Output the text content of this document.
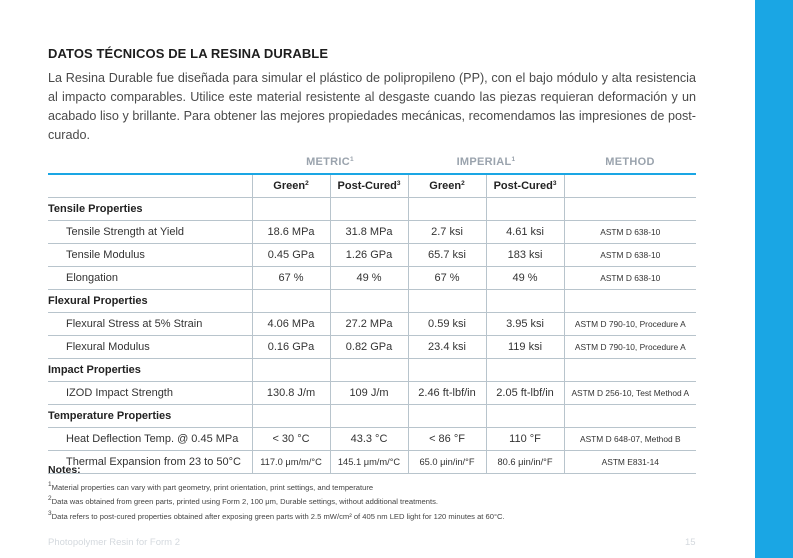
DATOS TÉCNICOS DE LA RESINA DURABLE

La Resina Durable fue diseñada para simular el plástico de polipropileno (PP), con el bajo módulo y alta resistencia al impacto comparables. Utilice este material resistente al desgaste cuando las piezas requieran deformación y un acabado liso y brillante. Para obtener las mejores propiedades mecánicas, recomendamos las impresiones de post-curado.

	METRIC$^1$		IMPERIAL$^1$		METHOD
	Green$^2$	Post-Cured$^3$	Green$^2$	Post-Cured$^3$	
Tensile Properties					
Tensile Strength at Yield	18.6 MPa	31.8 MPa	2.7 ksi	4.61 ksi	ASTM D 638-10
Tensile Modulus	0.45 GPa	1.26 GPa	65.7 ksi	183 ksi	ASTM D 638-10
Elongation	67 %	49 %	67 %	49 %	ASTM D 638-10
Flexural Properties					
Flexural Stress at 5% Strain	4.06 MPa	27.2 MPa	0.59 ksi	3.95 ksi	ASTM D 790-10, Procedure A
Flexural Modulus	0.16 GPa	0.82 GPa	23.4 ksi	119 ksi	ASTM D 790-10, Procedure A
Impact Properties					
IZOD Impact Strength	130.8 J/m	109 J/m	2.46 ft-lbf/in	2.05 ft-lbf/in	ASTM D 256-10, Test Method A
Temperature Properties					
Heat Deflection Temp. @ 0.45 MPa	< 30 °C	43.3 °C	< 86 °F	110 °F	ASTM D 648-07, Method B
Thermal Expansion from 23 to 50°C	117.0 μm/m/°C	145.1 μm/m/°C	65.0 μin/in/°F	80.6 μin/in/°F	ASTM E831-14
Notes:
$^1$Material properties can vary with part geometry, print orientation, print settings, and temperature
$^2$Data was obtained from green parts, printed using Form 2, 100 μm, Durable settings, without additional treatments.
$^3$Data refers to post-cured properties obtained after exposing green parts with 2.5 mW/cm² of 405 nm LED light for 120 minutes at 60°C.
Photopolymer Resin for Form 2	15
